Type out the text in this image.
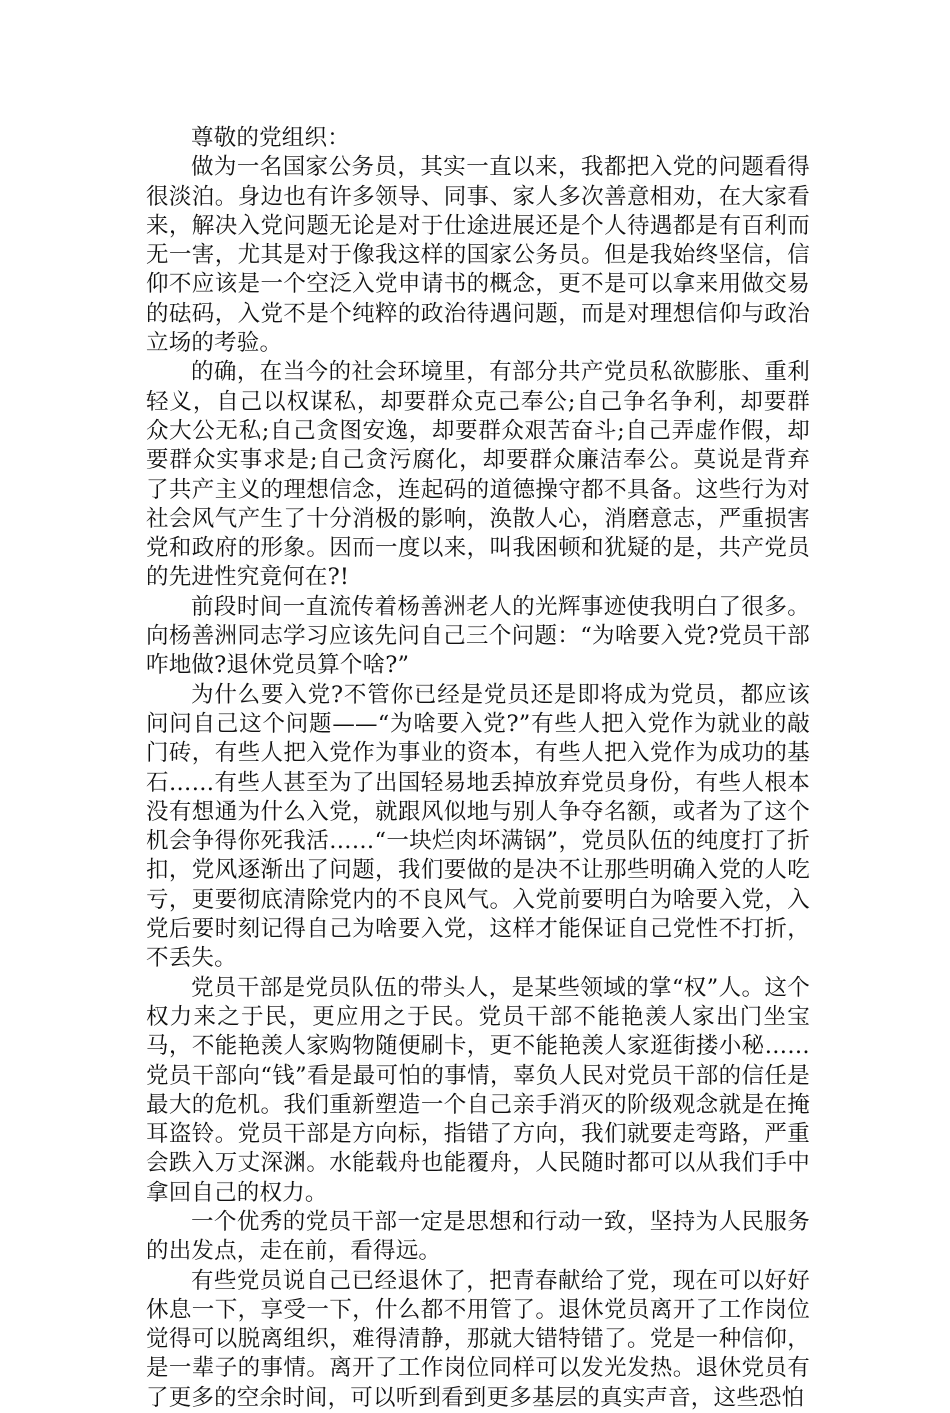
尊敬的党组织：

做为一名国家公务员，其实一直以来，我都把入党的问题看得很淡泊。身边也有许多领导、同事、家人多次善意相劝，在大家看来，解决入党问题无论是对于仕途进展还是个人待遇都是有百利而无一害，尤其是对于像我这样的国家公务员。但是我始终坚信，信仰不应该是一个空泛入党申请书的概念，更不是可以拿来用做交易的砝码，入党不是个纯粹的政治待遇问题，而是对理想信仰与政治立场的考验。

的确，在当今的社会环境里，有部分共产党员私欲膨胀、重利轻义，自己以权谋私，却要群众克己奉公;自己争名争利，却要群众大公无私;自己贪图安逸，却要群众艰苦奋斗;自己弄虚作假，却要群众实事求是;自己贪污腐化，却要群众廉洁奉公。莫说是背弃了共产主义的理想信念，连起码的道德操守都不具备。这些行为对社会风气产生了十分消极的影响，涣散人心，消磨意志，严重损害党和政府的形象。因而一度以来，叫我困顿和犹疑的是，共产党员的先进性究竟何在?!

前段时间一直流传着杨善洲老人的光辉事迹使我明白了很多。向杨善洲同志学习应该先问自己三个问题：“为啥要入党?党员干部咋地做?退休党员算个啥?”

为什么要入党?不管你已经是党员还是即将成为党员，都应该问问自己这个问题——“为啥要入党?”有些人把入党作为就业的敲门砖，有些人把入党作为事业的资本，有些人把入党作为成功的基石……有些人甚至为了出国轻易地丢掉放弃党员身份，有些人根本没有想通为什么入党，就跟风似地与别人争夺名额，或者为了这个机会争得你死我活……“一块烂肉坏满锅”，党员队伍的纯度打了折扣，党风逐渐出了问题，我们要做的是决不让那些明确入党的人吃亏，更要彻底清除党内的不良风气。入党前要明白为啥要入党，入党后要时刻记得自己为啥要入党，这样才能保证自己党性不打折，不丢失。

党员干部是党员队伍的带头人，是某些领域的掌“权”人。这个权力来之于民，更应用之于民。党员干部不能艳羡人家出门坐宝马，不能艳羡人家购物随便刷卡，更不能艳羡人家逛街搂小秘……党员干部向“钱”看是最可怕的事情，辜负人民对党员干部的信任是最大的危机。我们重新塑造一个自己亲手消灭的阶级观念就是在掩耳盗铃。党员干部是方向标，指错了方向，我们就要走弯路，严重会跌入万丈深渊。水能载舟也能覆舟，人民随时都可以从我们手中拿回自己的权力。

一个优秀的党员干部一定是思想和行动一致，坚持为人民服务的出发点，走在前，看得远。

有些党员说自己已经退休了，把青春献给了党，现在可以好好休息一下，享受一下，什么都不用管了。退休党员离开了工作岗位觉得可以脱离组织，难得清静，那就大错特错了。党是一种信仰，是一辈子的事情。离开了工作岗位同样可以发光发热。退休党员有了更多的空余时间，可以听到看到更多基层的真实声音，这些恐怕
